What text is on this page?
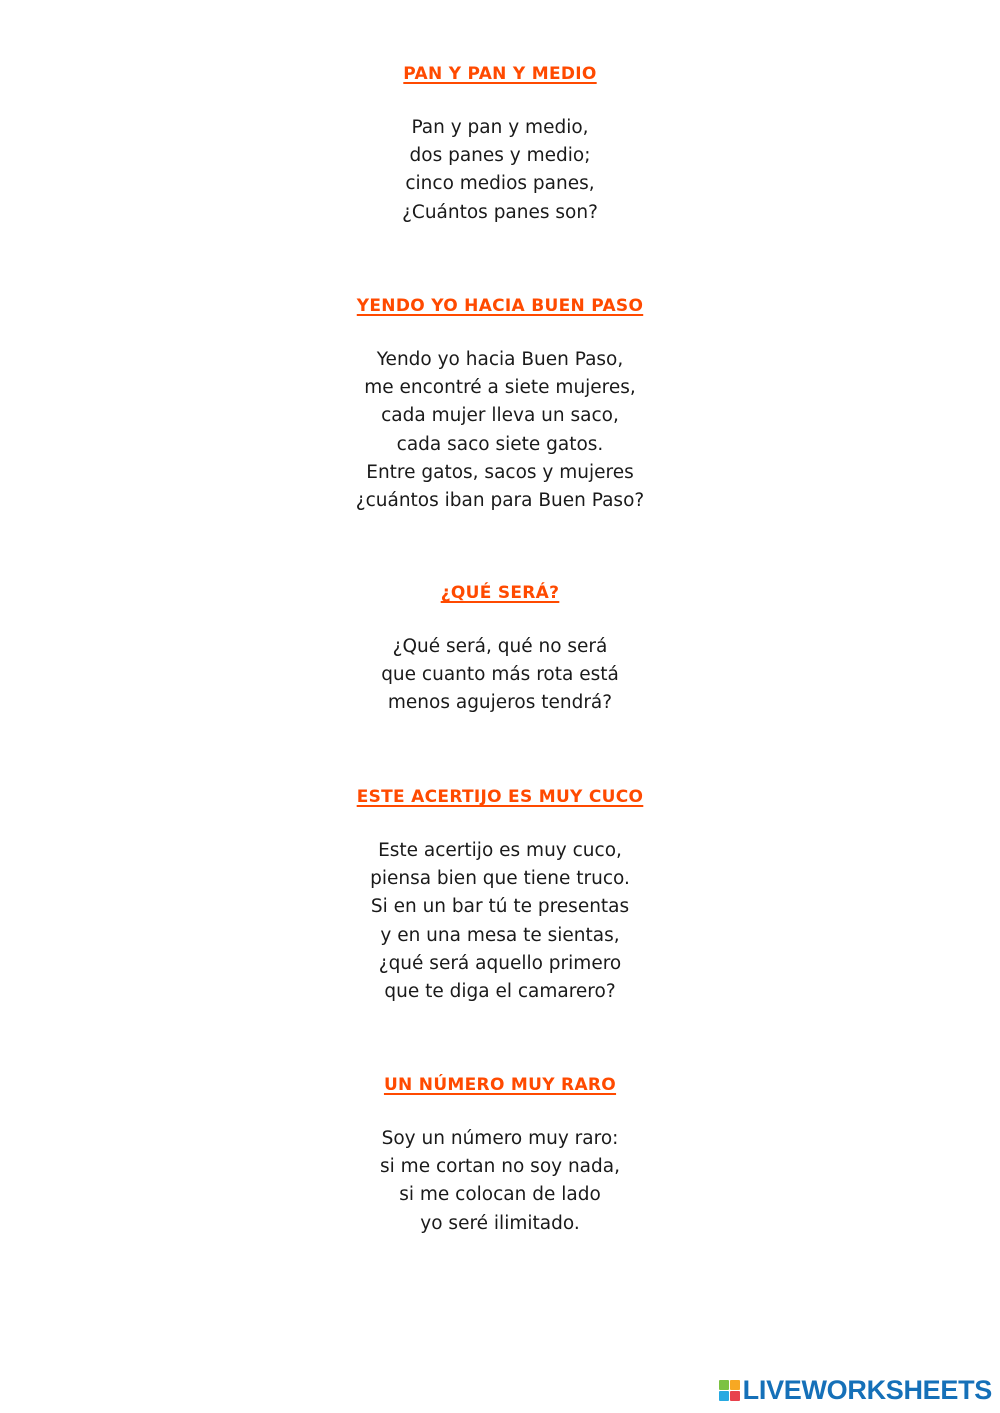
PAN Y PAN Y MEDIO
Pan y pan y medio,
dos panes y medio;
cinco medios panes,
¿Cuántos panes son?
YENDO YO HACIA BUEN PASO
Yendo yo hacia Buen Paso,
me encontré a siete mujeres,
cada mujer lleva un saco,
cada saco siete gatos.
Entre gatos, sacos y mujeres
¿cuántos iban para Buen Paso?
¿QUÉ SERÁ?
¿Qué será, qué no será
que cuanto más rota está
menos agujeros tendrá?
ESTE ACERTIJO ES MUY CUCO
Este acertijo es muy cuco,
piensa bien que tiene truco.
Si en un bar tú te presentas
y en una mesa te sientas,
¿qué será aquello primero
que te diga el camarero?
UN NÚMERO MUY RARO
Soy un número muy raro:
si me cortan no soy nada,
si me colocan de lado
yo seré ilimitado.
LIVEWORKSHEETS
